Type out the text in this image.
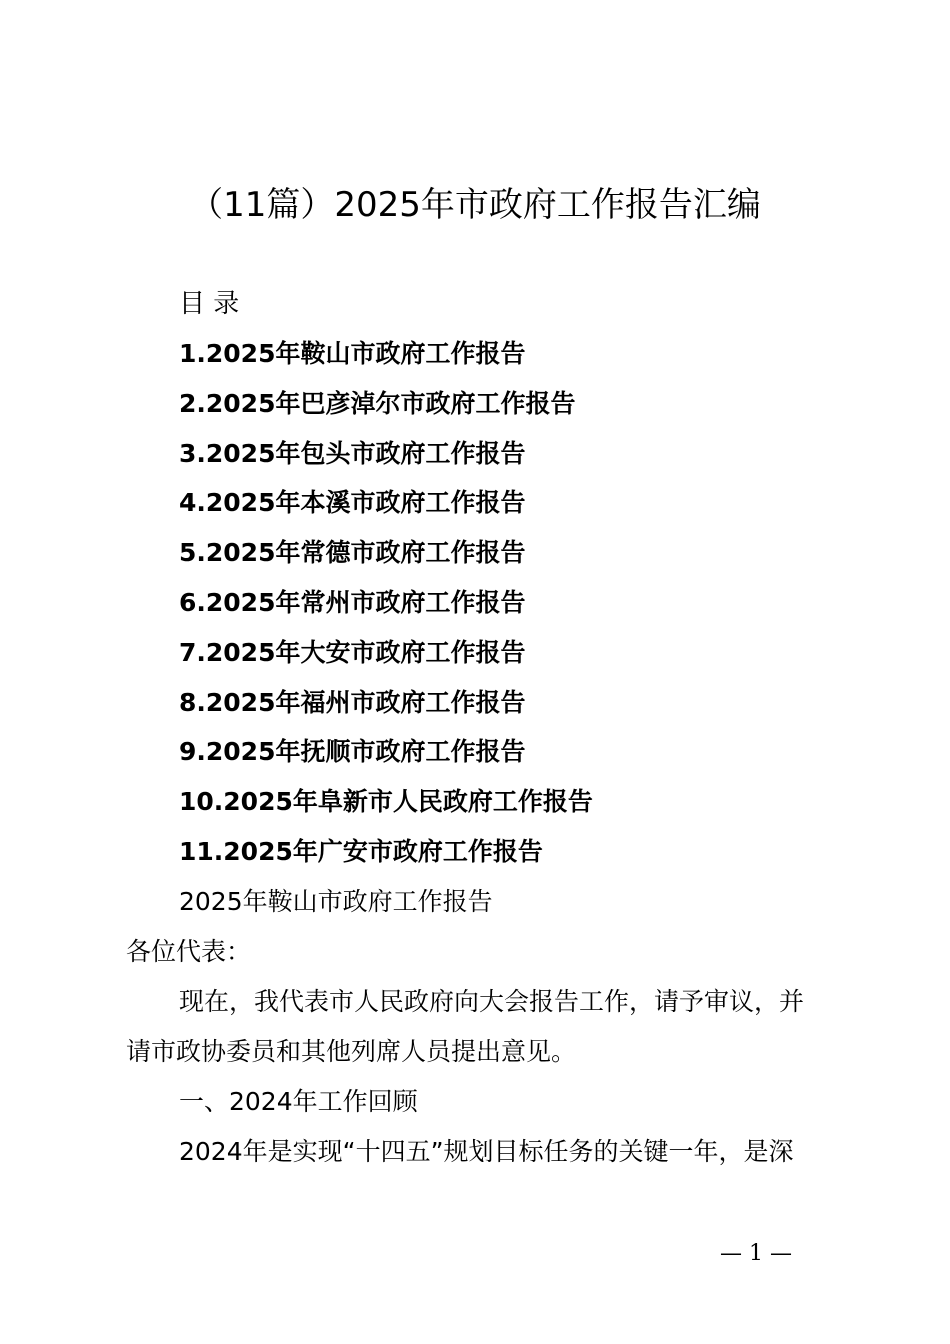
（11篇）2025年市政府工作报告汇编
目 录
1.2025年鞍山市政府工作报告
2.2025年巴彦淖尔市政府工作报告
3.2025年包头市政府工作报告
4.2025年本溪市政府工作报告
5.2025年常德市政府工作报告
6.2025年常州市政府工作报告
7.2025年大安市政府工作报告
8.2025年福州市政府工作报告
9.2025年抚顺市政府工作报告
10.2025年阜新市人民政府工作报告
11.2025年广安市政府工作报告
2025年鞍山市政府工作报告
各位代表：
现在，我代表市人民政府向大会报告工作，请予审议，并
请市政协委员和其他列席人员提出意见。
一、2024年工作回顾
2024年是实现“十四五”规划目标任务的关键一年，是深
— 1 —
